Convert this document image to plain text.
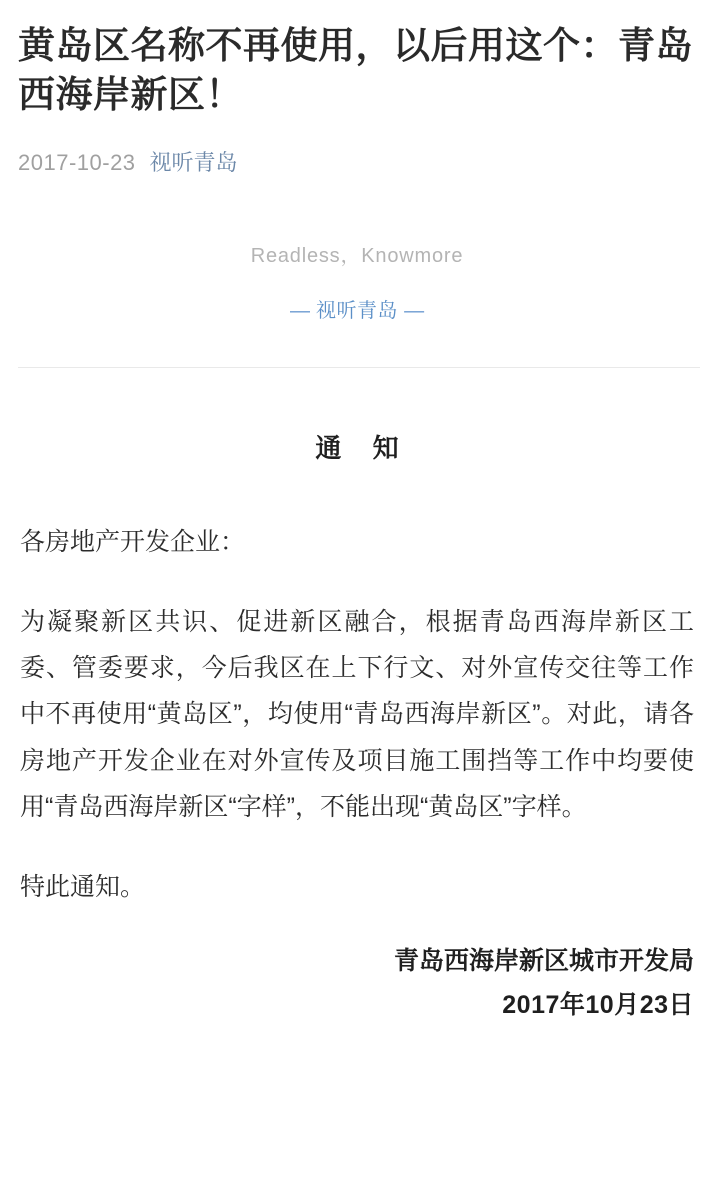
黄岛区名称不再使用，以后用这个：青岛西海岸新区！
2017-10-23 视听青岛
Readless，Knowmore
— 视听青岛 —
通 知

各房地产开发企业：

为凝聚新区共识、促进新区融合，根据青岛西海岸新区工委、管委要求，今后我区在上下行文、对外宣传交往等工作中不再使用“黄岛区”，均使用“青岛西海岸新区”。对此，请各房地产开发企业在对外宣传及项目施工围挡等工作中均要使用“青岛西海岸新区“字样”，不能出现“黄岛区”字样。

特此通知。

青岛西海岸新区城市开发局
2017年10月23日
